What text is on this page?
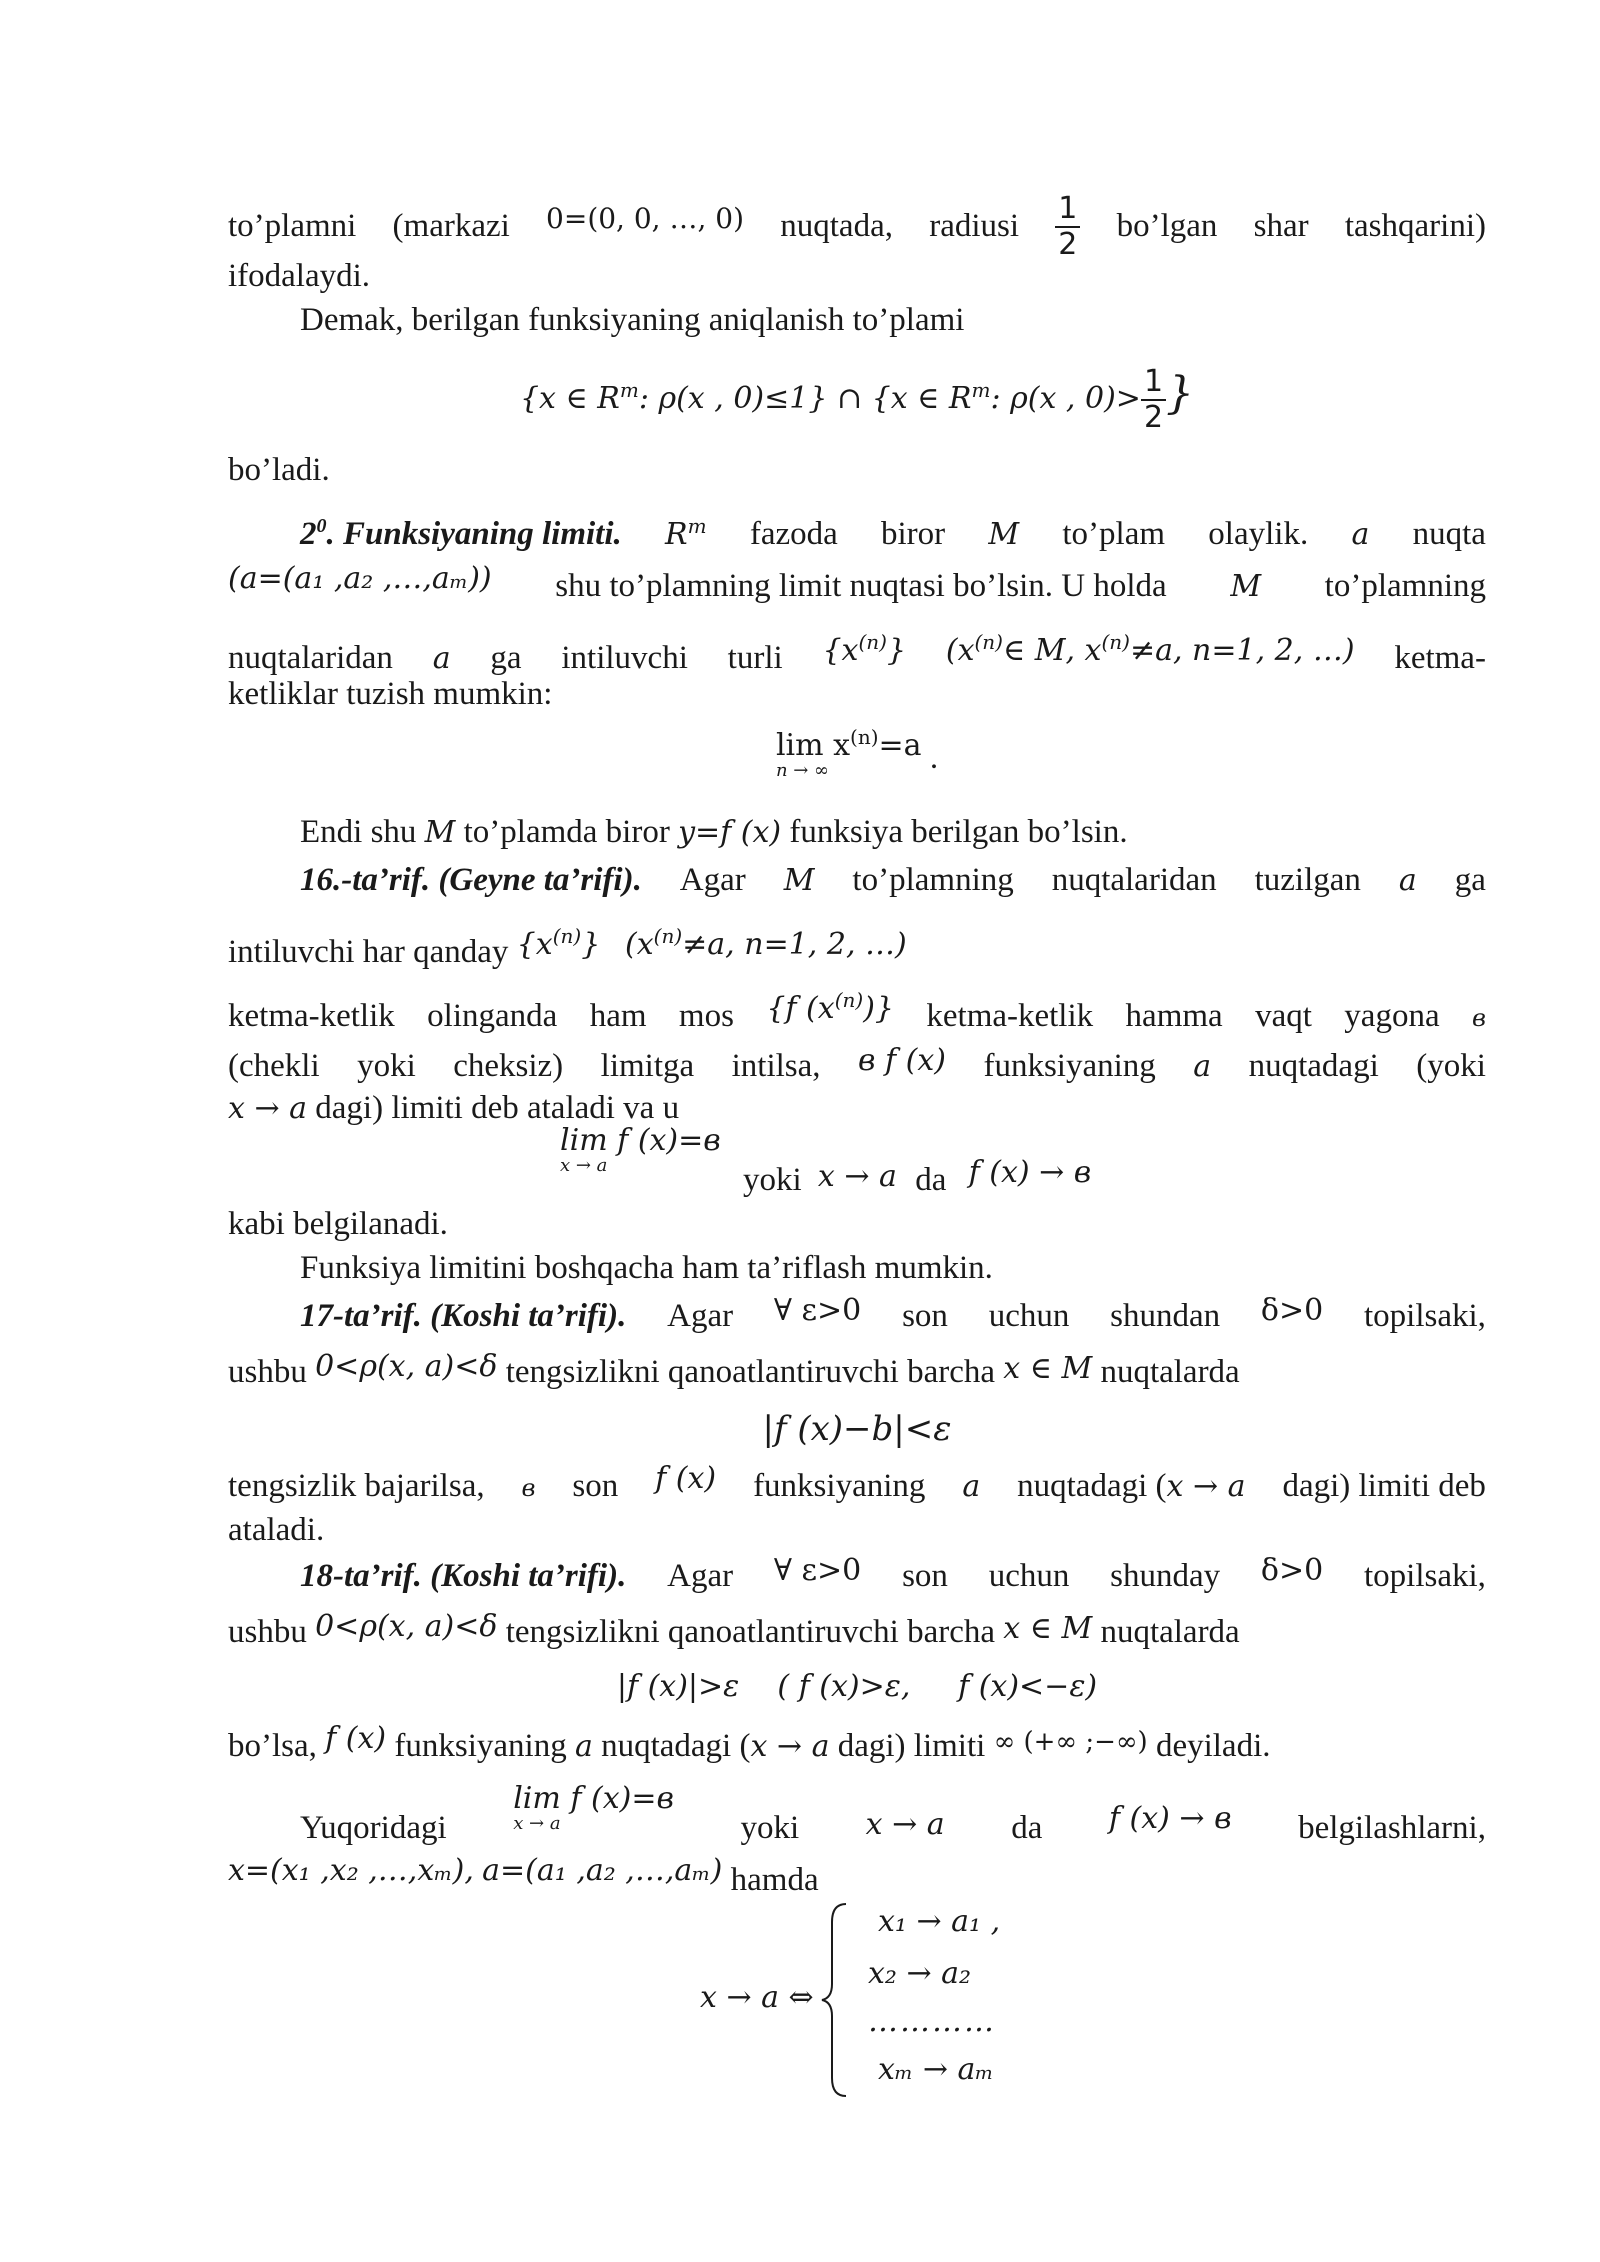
to’plamni (markazi 0=(0, 0, …, 0) nuqtada, radiusi $\frac{1}{2}$ bo’lgan shar tashqarini)
ifodalaydi.
Demak, berilgan funksiyaning aniqlanish to’plami
{x ∈ $R^m$: ρ(x , 0)≤1} ∩ {x ∈ $R^m$: ρ(x , $0)> \frac{1}{2}$ }
bo’ladi.
$2^0$. Funksiyaning limiti. $R^m$ fazoda biror M to’plam olaylik. a nuqta
(a=(a₁ ,a₂ ,…,aₘ)) shu to’plamning limit nuqtasi bo’lsin. U holda M to’plamning
nuqtalaridan a ga intiluvchi turli $\{x^{(n)}\}$ ($x^{(n)}\in$ M, $x^{(n)}\ne a$, n=1, 2, …) ketma-
ketliklar tuzish mumkin:
$\lim x^{(n)}=a$
n → ∞	.
Endi shu M to’plamda biror y=f (x) funksiya berilgan bo’lsin.
16.-ta’rif. (Geyne ta’rifi). Agar M to’plamning nuqtalaridan tuzilgan a ga
intiluvchi har qanday $\{x^{(n)}\}$ ($x^{(n)}\ne a$, n=1, 2, …)
ketma-ketlik olinganda ham mos {f $(x^{(n)})$} ketma-ketlik hamma vaqt yagona в
(chekli yoki cheksiz) limitga intilsa, в f (x) funksiyaning a nuqtadagi (yoki
x → a dagi) limiti deb ataladi va u
lim f (x)=в
x → a	yoki x → a da f (x) → в
kabi belgilanadi.
Funksiya limitini boshqacha ham ta’riflash mumkin.
17-ta’rif. (Koshi ta’rifi). Agar ∀ ε>0 son uchun shundan δ>0 topilsaki,
ushbu 0<ρ(x, a)<δ tengsizlikni qanoatlantiruvchi barcha x ∈ M nuqtalarda
|f (x)−b|<ε
tengsizlik bajarilsa, в son f (x) funksiyaning a nuqtadagi (x → a dagi) limiti deb
ataladi.
18-ta’rif. (Koshi ta’rifi). Agar ∀ ε>0 son uchun shunday δ>0 topilsaki,
ushbu 0<ρ(x, a)<δ tengsizlikni qanoatlantiruvchi barcha x ∈ M nuqtalarda
|f (x)|>ε    ( f (x)>ε,     f (x)<−ε)
bo’lsa, f (x) funksiyaning a nuqtadagi (x → a dagi) limiti ∞ (+∞ ;−∞) deyiladi.
Yuqoridagi
lim f (x)=в
x → a	yoki x → a da f (x) → в belgilashlarni,
x=(x₁ ,x₂ ,…,xₘ), a=(a₁ ,a₂ ,…,aₘ) hamda
x → a ⇔
x₁ → a₁ ,
x₂ → a₂
…………
xₘ → aₘ
